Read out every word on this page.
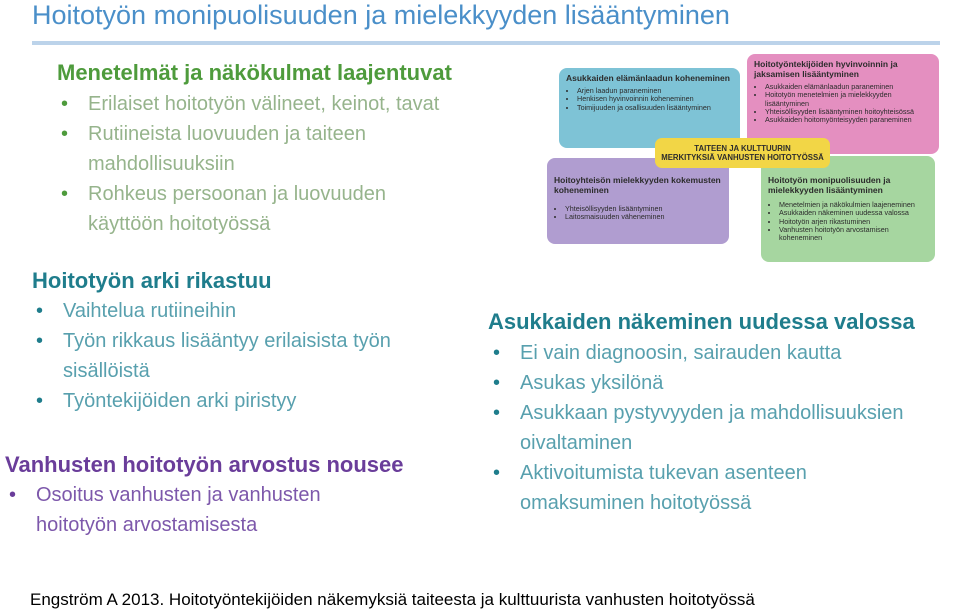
Hoitotyön monipuolisuuden ja mielekkyyden lisääntyminen
Menetelmät ja näkökulmat laajentuvat
• Erilaiset hoitotyön välineet, keinot, tavat
• Rutiineista luovuuden ja taiteen mahdollisuuksiin
• Rohkeus persoonan ja luovuuden käyttöön hoitotyössä
Hoitotyön arki rikastuu
• Vaihtelua rutiineihin
• Työn rikkaus lisääntyy erilaisista työn sisällöistä
• Työntekijöiden arki piristyy
Vanhusten hoitotyön arvostus nousee
• Osoitus vanhusten ja vanhusten hoitotyön arvostamisesta
Asukkaiden näkeminen uudessa valossa
• Ei vain diagnoosin, sairauden kautta
• Asukas yksilönä
• Asukkaan pystyvyyden ja mahdollisuuksien oivaltaminen
• Aktivoitumista tukevan asenteen omaksuminen hoitotyössä
Asukkaiden elämänlaadun koheneminen
• Arjen laadun paraneminen
• Henkisen hyvinvoinnin koheneminen
• Toimijuuden ja osallisuuden lisääntyminen
Hoitotyöntekijöiden hyvinvoinnin ja jaksamisen lisääntyminen
• Asukkaiden elämänlaadun paraneminen
• Hoitotyön menetelmien ja mielekkyyden lisääntyminen
• Yhteisöllisyyden lisääntyminen hoitoyhteisössä
• Asukkaiden hoitomyönteisyyden paraneminen
Hoitoyhteisön mielekkyyden kokemusten koheneminen
• Yhteisöllisyyden lisääntyminen
• Laitosmaisuuden väheneminen
Hoitotyön monipuolisuuden ja mielekkyyden lisääntyminen
• Menetelmien ja näkökulmien laajeneminen
• Asukkaiden näkeminen uudessa valossa
• Hoitotyön arjen rikastuminen
• Vanhusten hoitotyön arvostamisen koheneminen
TAITEEN JA KULTTUURIN
MERKITYKSIÄ VANHUSTEN HOITOTYÖSSÄ
Engström A 2013. Hoitotyöntekijöiden näkemyksiä taiteesta ja kulttuurista vanhusten hoitotyössä
